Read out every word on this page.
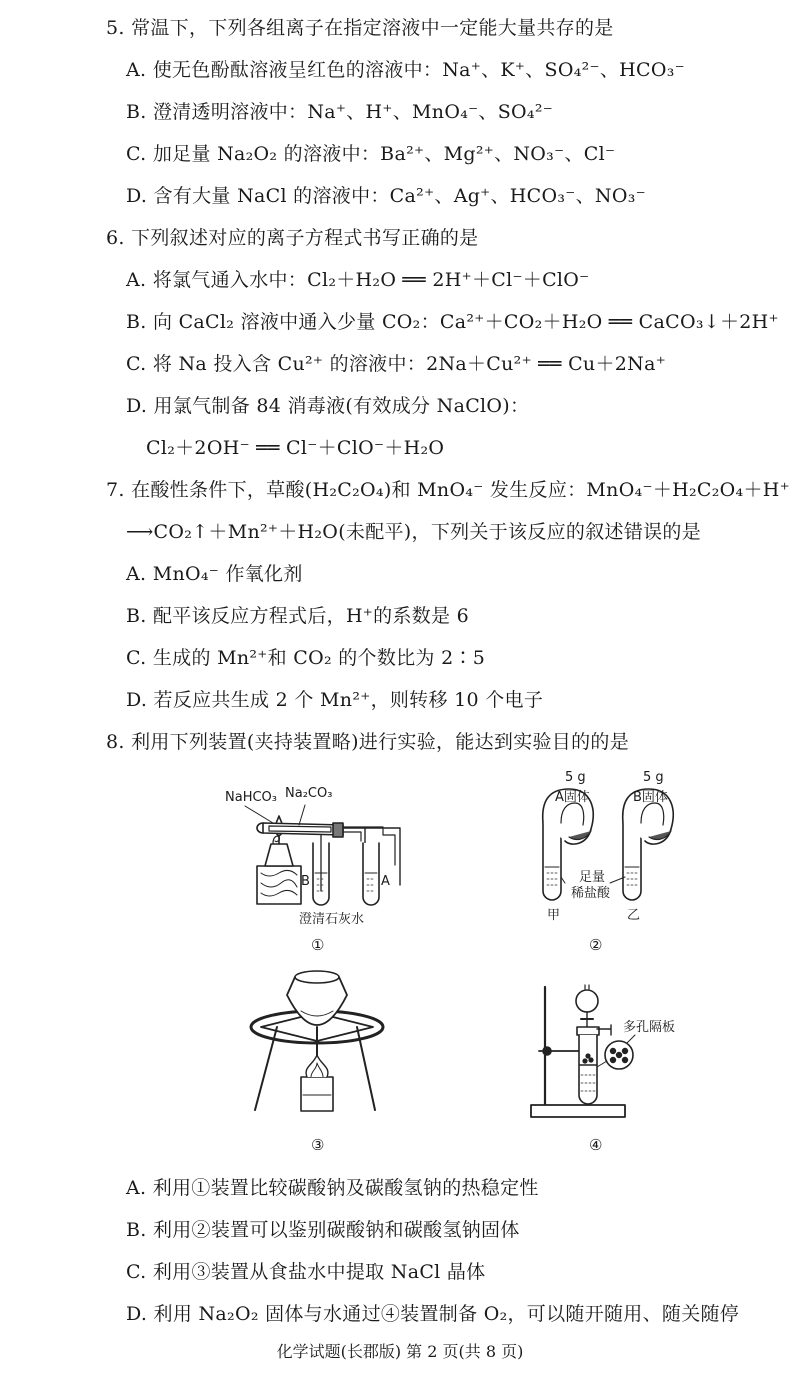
5. 常温下，下列各组离子在指定溶液中一定能大量共存的是
A. 使无色酚酞溶液呈红色的溶液中：Na⁺、K⁺、SO₄²⁻、HCO₃⁻
B. 澄清透明溶液中：Na⁺、H⁺、MnO₄⁻、SO₄²⁻
C. 加足量 Na₂O₂ 的溶液中：Ba²⁺、Mg²⁺、NO₃⁻、Cl⁻
D. 含有大量 NaCl 的溶液中：Ca²⁺、Ag⁺、HCO₃⁻、NO₃⁻
6. 下列叙述对应的离子方程式书写正确的是
A. 将氯气通入水中：Cl₂＋H₂O ══ 2H⁺＋Cl⁻＋ClO⁻
B. 向 CaCl₂ 溶液中通入少量 CO₂：Ca²⁺＋CO₂＋H₂O ══ CaCO₃↓＋2H⁺
C. 将 Na 投入含 Cu²⁺ 的溶液中：2Na＋Cu²⁺ ══ Cu＋2Na⁺
D. 用氯气制备 84 消毒液(有效成分 NaClO)：
Cl₂＋2OH⁻ ══ Cl⁻＋ClO⁻＋H₂O
7. 在酸性条件下，草酸(H₂C₂O₄)和 MnO₄⁻ 发生反应：MnO₄⁻＋H₂C₂O₄＋H⁺
⟶CO₂↑＋Mn²⁺＋H₂O(未配平)，下列关于该反应的叙述错误的是
A. MnO₄⁻ 作氧化剂
B. 配平该反应方程式后，H⁺的系数是 6
C. 生成的 Mn²⁺和 CO₂ 的个数比为 2∶5
D. 若反应共生成 2 个 Mn²⁺，则转移 10 个电子
8. 利用下列装置(夹持装置略)进行实验，能达到实验目的的是
NaHCO₃ Na₂CO₃
B	A
澄清石灰水
①
5 g	5 g
A固体	B固体
足量
稀盐酸
甲	乙
②
③
多孔隔板
④
A. 利用①装置比较碳酸钠及碳酸氢钠的热稳定性
B. 利用②装置可以鉴别碳酸钠和碳酸氢钠固体
C. 利用③装置从食盐水中提取 NaCl 晶体
D. 利用 Na₂O₂ 固体与水通过④装置制备 O₂，可以随开随用、随关随停
化学试题(长郡版) 第 2 页(共 8 页)
